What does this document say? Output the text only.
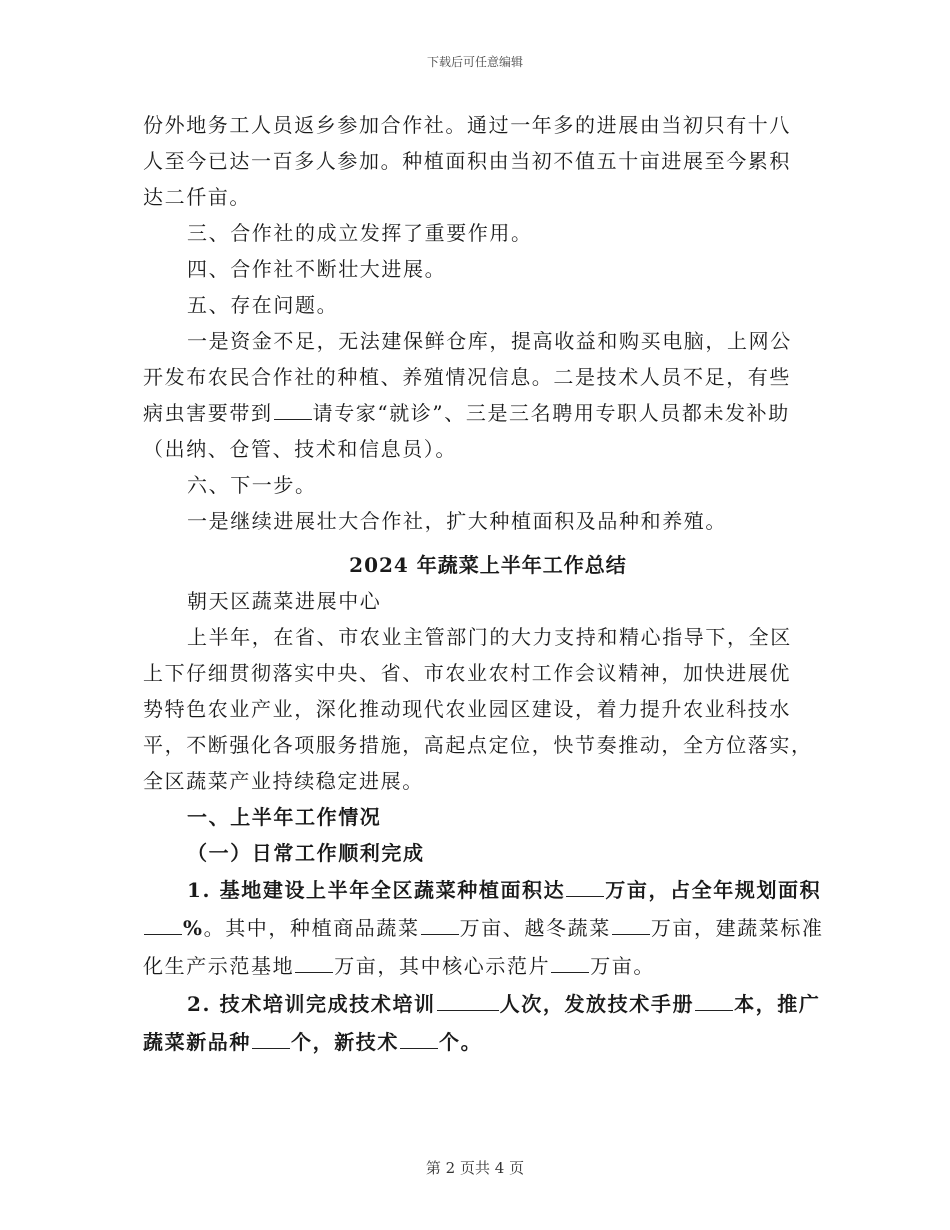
下载后可任意编辑
份外地务工人员返乡参加合作社。通过一年多的进展由当初只有十八
人至今已达一百多人参加。种植面积由当初不值五十亩进展至今累积
达二仟亩。
三、合作社的成立发挥了重要作用。
四、合作社不断壮大进展。
五、存在问题。
一是资金不足，无法建保鲜仓库，提高收益和购买电脑，上网公
开发布农民合作社的种植、养殖情况信息。二是技术人员不足，有些
病虫害要带到 请专家“就诊”、三是三名聘用专职人员都未发补助
（出纳、仓管、技术和信息员）。
六、下一步。
一是继续进展壮大合作社，扩大种植面积及品种和养殖。
2024 年蔬菜上半年工作总结
朝天区蔬菜进展中心
上半年，在省、市农业主管部门的大力支持和精心指导下，全区
上下仔细贯彻落实中央、省、市农业农村工作会议精神，加快进展优
势特色农业产业，深化推动现代农业园区建设，着力提升农业科技水
平，不断强化各项服务措施，高起点定位，快节奏推动，全方位落实，
全区蔬菜产业持续稳定进展。
一、上半年工作情况
（一）日常工作顺利完成
1. 基地建设上半年全区蔬菜种植面积达 万亩，占全年规划面积
%。其中，种植商品蔬菜 万亩、越冬蔬菜 万亩，建蔬菜标准
化生产示范基地 万亩，其中核心示范片 万亩。
2. 技术培训完成技术培训	人次，发放技术手册 本，推广
蔬菜新品种 个，新技术 个。
第 2 页共 4 页
